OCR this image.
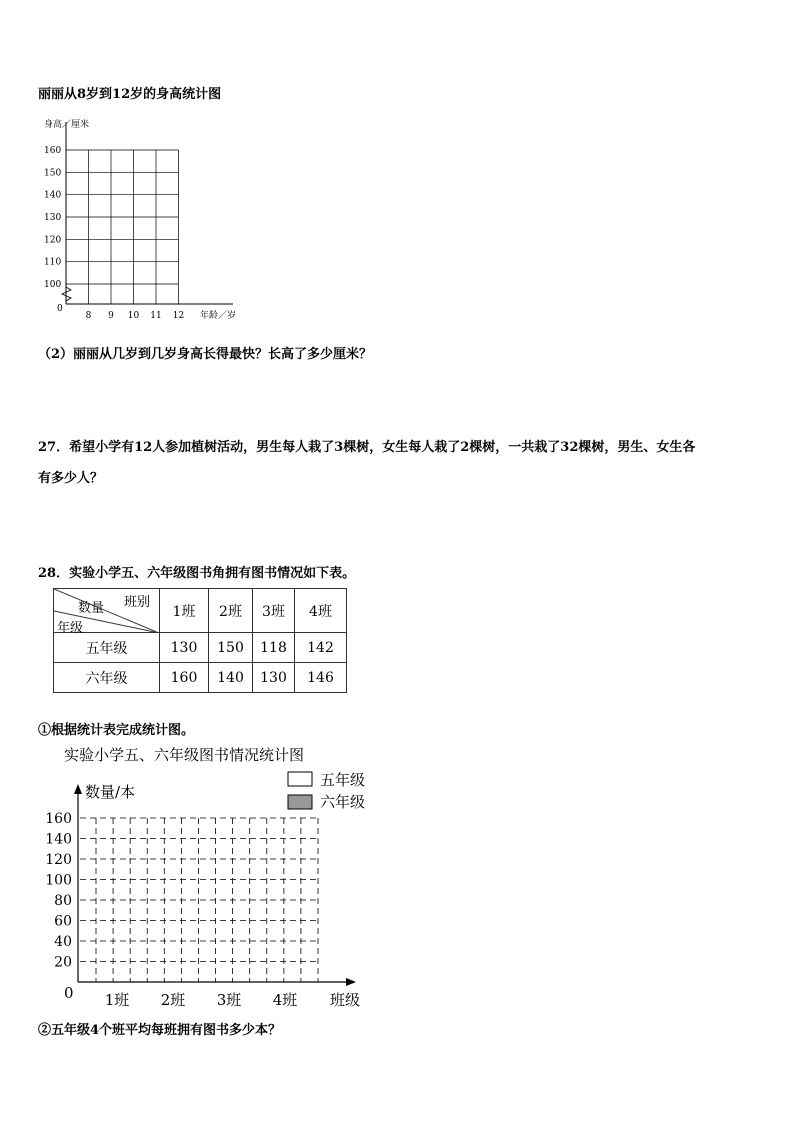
丽丽从8岁到12岁的身高统计图
身高／厘米
100
110
120
130
140
150
160
8 9 10 11 12
0
年龄／岁
（2）丽丽从几岁到几岁身高长得最快？长高了多少厘米？
27．希望小学有12人参加植树活动，男生每人栽了3棵树，女生每人栽了2棵树，一共栽了32棵树，男生、女生各
有多少人？
28．实验小学五、六年级图书角拥有图书情况如下表。
班别
数量
年级	1班	2班	3班	4班
五年级	130	150	118	142
六年级	160	140	130	146
①根据统计表完成统计图。
实验小学五、六年级图书情况统计图
数量/本
班级
0
20
40
60
80
100
120
140
160
1班 2班 3班 4班
五年级
六年级
②五年级4个班平均每班拥有图书多少本？
